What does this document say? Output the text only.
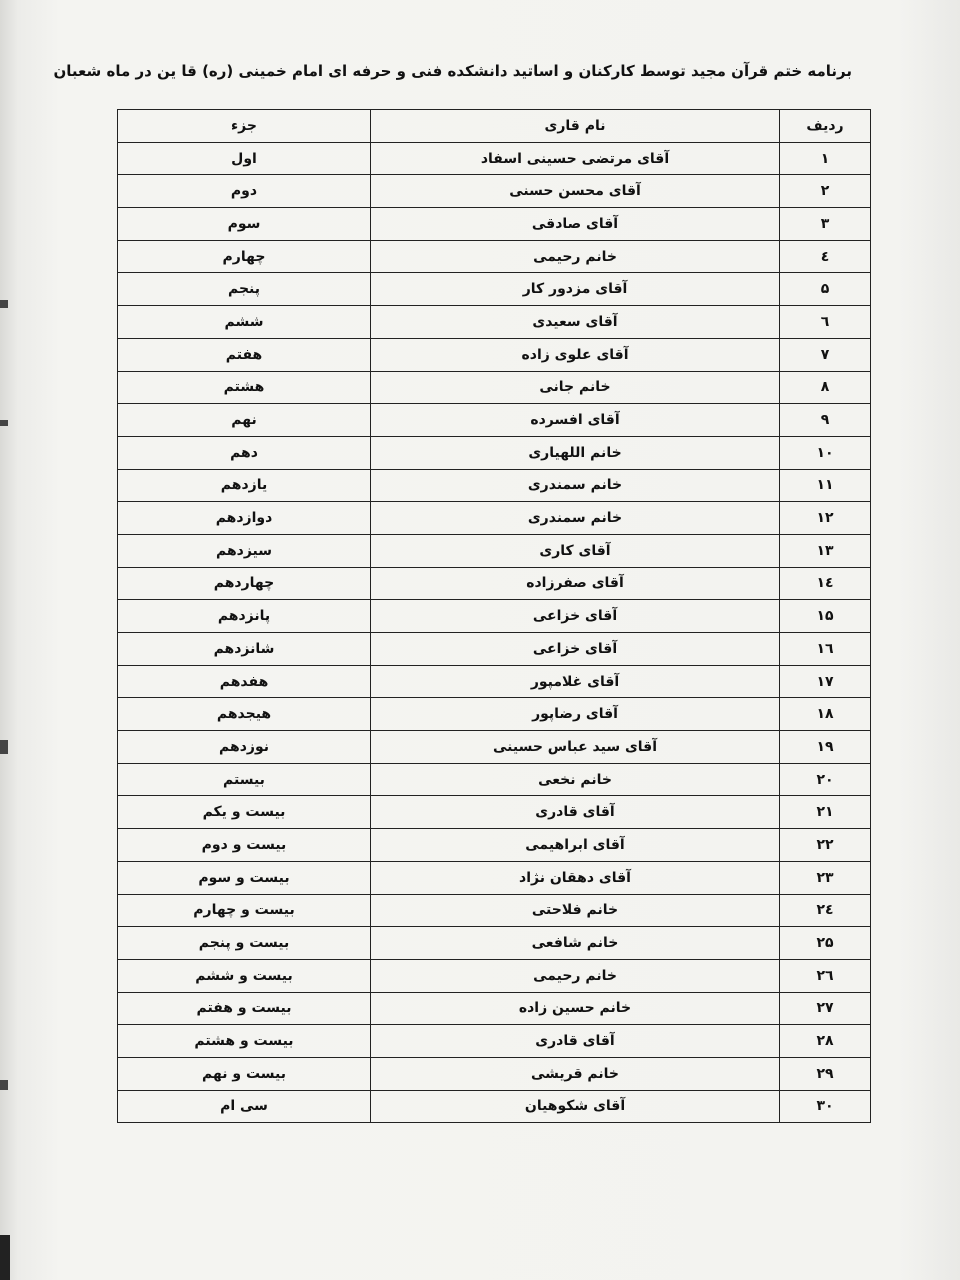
برنامه ختم قرآن مجید توسط کارکنان و اساتید دانشکده فنی و حرفه ای امام خمینی (ره) قا ین در ماه شعبان
ردیف	نام قاری	جزء
۱	آقای مرتضی حسینی اسفاد	اول
۲	آقای محسن حسنی	دوم
۳	آقای صادقی	سوم
٤	خانم رحیمی	چهارم
۵	آقای مزدور کار	پنجم
٦	آقای سعیدی	ششم
۷	آقای علوی زاده	هفتم
۸	خانم جانی	هشتم
۹	آقای افسرده	نهم
۱۰	خانم اللهیاری	دهم
۱۱	خانم سمندری	یازدهم
۱۲	خانم سمندری	دوازدهم
۱۳	آقای کاری	سیزدهم
۱٤	آقای صفرزاده	چهاردهم
۱۵	آقای خزاعی	پانزدهم
۱٦	آقای خزاعی	شانزدهم
۱۷	آقای غلامپور	هفدهم
۱۸	آقای رضاپور	هیجدهم
۱۹	آقای سید عباس حسینی	نوزدهم
۲۰	خانم نخعی	بیستم
۲۱	آقای قادری	بیست و یکم
۲۲	آقای ابراهیمی	بیست و دوم
۲۳	آقای دهقان نژاد	بیست و سوم
۲٤	خانم فلاحتی	بیست و چهارم
۲۵	خانم شافعی	بیست و پنجم
۲٦	خانم رحیمی	بیست و ششم
۲۷	خانم حسین زاده	بیست و هفتم
۲۸	آقای قادری	بیست و هشتم
۲۹	خانم قریشی	بیست و نهم
۳۰	آقای شکوهیان	سی ام
